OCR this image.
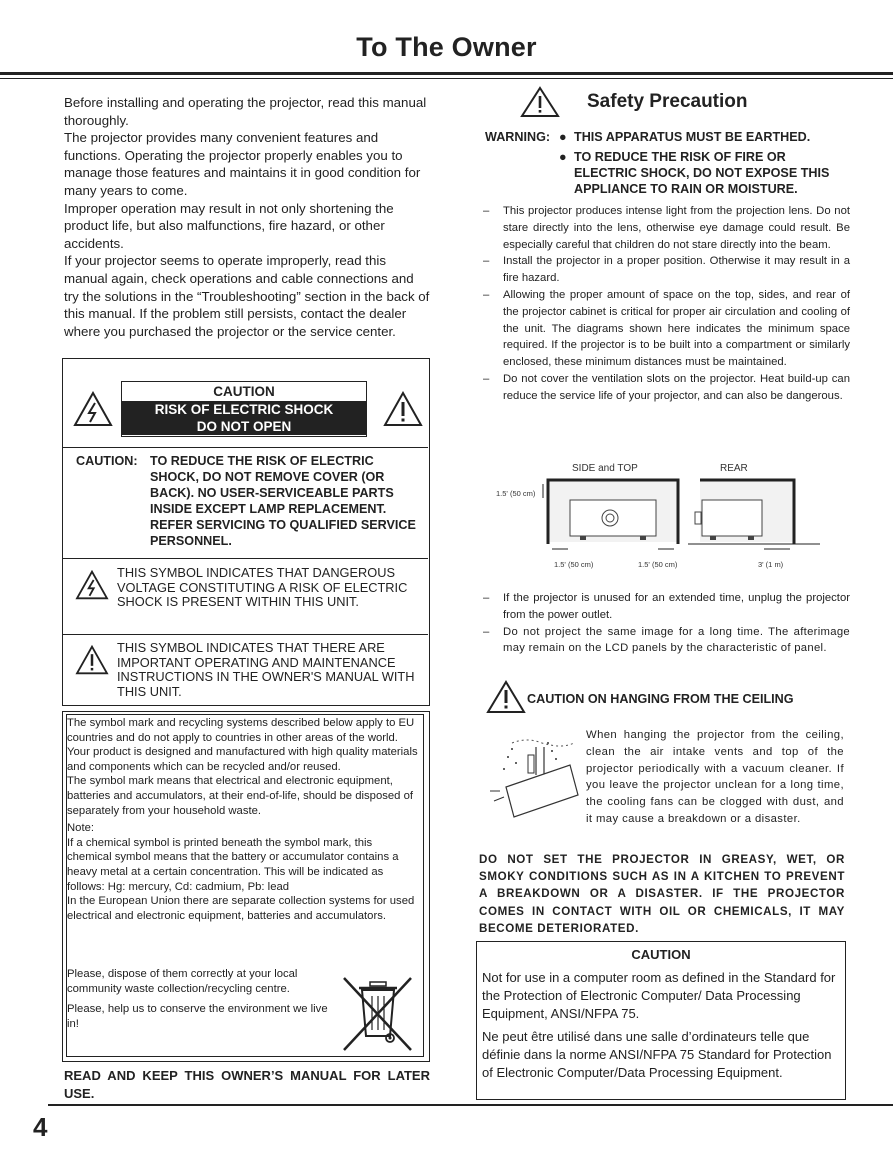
To The Owner
Before installing and operating the projector, read this manual thoroughly.
The projector provides many convenient features and functions. Operating the projector properly enables you to manage those features and maintains it in good condition for many years to come.
Improper operation may result in not only shortening the product life, but also malfunctions, fire hazard, or other accidents.
If your projector seems to operate improperly, read this manual again, check operations and cable connections and try the solutions in the “Troubleshooting” section in the back of this manual. If the problem still persists, contact the dealer where you purchased the projector or the service center.
CAUTION
RISK OF ELECTRIC SHOCK
DO NOT OPEN
CAUTION: TO REDUCE THE RISK OF ELECTRIC SHOCK, DO NOT REMOVE COVER (OR BACK). NO USER-SERVICEABLE PARTS INSIDE EXCEPT LAMP REPLACEMENT. REFER SERVICING TO QUALIFIED SERVICE PERSONNEL.
THIS SYMBOL INDICATES THAT DANGEROUS VOLTAGE CONSTITUTING A RISK OF ELECTRIC SHOCK IS PRESENT WITHIN THIS UNIT.
THIS SYMBOL INDICATES THAT THERE ARE IMPORTANT OPERATING AND MAINTENANCE INSTRUCTIONS IN THE OWNER'S MANUAL WITH THIS UNIT.
The symbol mark and recycling systems described below apply to EU countries and do not apply to countries in other areas of the world.
Your product is designed and manufactured with high quality materials and components which can be recycled and/or reused.
The symbol mark means that electrical and electronic equipment, batteries and accumulators, at their end-of-life, should be disposed of separately from your household waste.
Note:
If a chemical symbol is printed beneath the symbol mark, this chemical symbol means that the battery or accumulator contains a heavy metal at a certain concentration. This will be indicated as follows: Hg: mercury, Cd: cadmium, Pb: lead
In the European Union there are separate collection systems for used electrical and electronic equipment, batteries and accumulators.
Please, dispose of them correctly at your local community waste collection/recycling centre.
Please, help us to conserve the environment we live in!
READ AND KEEP THIS OWNER’S MANUAL FOR LATER USE.
Safety Precaution
WARNING: ● THIS APPARATUS MUST BE EARTHED.
● TO REDUCE THE RISK OF FIRE OR ELECTRIC SHOCK, DO NOT EXPOSE THIS APPLIANCE TO RAIN OR MOISTURE.
– This projector produces intense light from the projection lens. Do not stare directly into the lens, otherwise eye damage could result. Be especially careful that children do not stare directly into the beam.
– Install the projector in a proper position. Otherwise it may result in a fire hazard.
– Allowing the proper amount of space on the top, sides, and rear of the projector cabinet is critical for proper air circulation and cooling of the unit. The diagrams shown here indicates the minimum space required. If the projector is to be built into a compartment or similarly enclosed, these minimum distances must be maintained.
– Do not cover the ventilation slots on the projector. Heat build-up can reduce the service life of your projector, and can also be dangerous.
SIDE and TOP	REAR
1.5' (50 cm)
1.5' (50 cm)	1.5' (50 cm)	3' (1 m)
– If the projector is unused for an extended time, unplug the projector from the power outlet.
– Do not project the same image for a long time. The afterimage may remain on the LCD panels by the characteristic of panel.
CAUTION ON HANGING FROM THE CEILING
When hanging the projector from the ceiling, clean the air intake vents and top of the projector periodically with a vacuum cleaner. If you leave the projector unclean for a long time, the cooling fans can be clogged with dust, and it may cause a breakdown or a disaster.
DO NOT SET THE PROJECTOR IN GREASY, WET, OR SMOKY CONDITIONS SUCH AS IN A KITCHEN TO PREVENT A BREAKDOWN OR A DISASTER. IF THE PROJECTOR COMES IN CONTACT WITH OIL OR CHEMICALS, IT MAY BECOME DETERIORATED.
CAUTION
Not for use in a computer room as defined in the Standard for the Protection of Electronic Computer/ Data Processing Equipment, ANSI/NFPA 75.
Ne peut être utilisé dans une salle d’ordinateurs telle que définie dans la norme ANSI/NFPA 75 Standard for Protection of Electronic Computer/Data Processing Equipment.
4
